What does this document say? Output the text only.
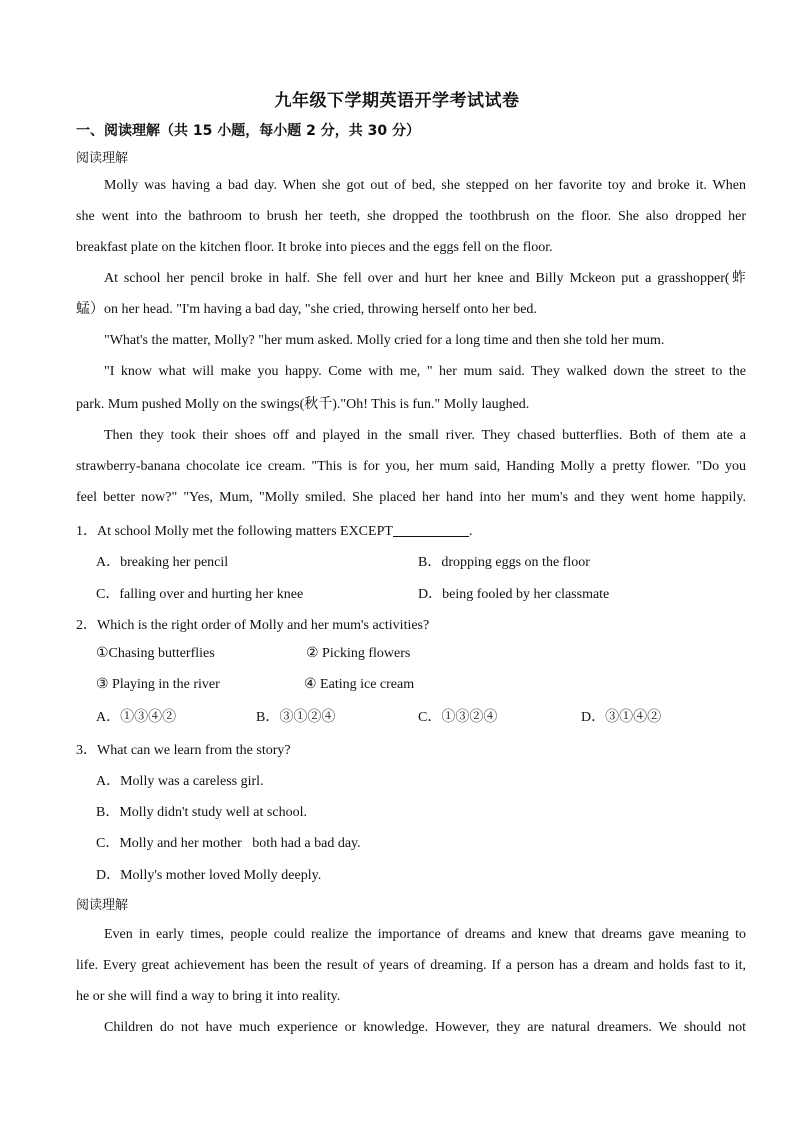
九年级下学期英语开学考试试卷
一、阅读理解（共 15 小题，每小题 2 分，共 30 分）
阅读理解
Molly was having a bad day. When she got out of bed, she stepped on her favorite toy and broke it. When
she went into the bathroom to brush her teeth, she dropped the toothbrush on the floor. She also dropped her
breakfast plate on the kitchen floor. It broke into pieces and the eggs fell on the floor.
At school her pencil broke in half. She fell over and hurt her knee and Billy Mckeon put a grasshopper(蚱
蜢）on her head. "I'm having a bad day, "she cried, throwing herself onto her bed.
"What's the matter, Molly? "her mum asked. Molly cried for a long time and then she told her mum.
"I know what will make you happy. Come with me, " her mum said. They walked down the street to the
park. Mum pushed Molly on the swings(秋千)."Oh! This is fun." Molly laughed.
Then they took their shoes off and played in the small river. They chased butterflies. Both of them ate a
strawberry-banana chocolate ice cream. "This is for you, her mum said, Handing Molly a pretty flower. "Do you
feel better now?" "Yes, Mum, "Molly smiled. She placed her hand into her mum's and they went home happily.
1．At school Molly met the following matters EXCEPT	.
A．breaking her pencil	B．dropping eggs on the floor
C．falling over and hurting her knee	D．being fooled by her classmate
2．Which is the right order of Molly and her mum's activities?
①Chasing butterflies	② Picking flowers
③ Playing in the river	④ Eating ice cream
A．①③④②	B．③①②④	C．①③②④	D．③①④②
3．What can we learn from the story?
A．Molly was a careless girl.
B．Molly didn't study well at school.
C．Molly and her mother   both had a bad day.
D．Molly's mother loved Molly deeply.
阅读理解
Even in early times, people could realize the importance of dreams and knew that dreams gave meaning to
life. Every great achievement has been the result of years of dreaming. If a person has a dream and holds fast to it,
he or she will find a way to bring it into reality.
Children do not have much experience or knowledge. However, they are natural dreamers. We should not
